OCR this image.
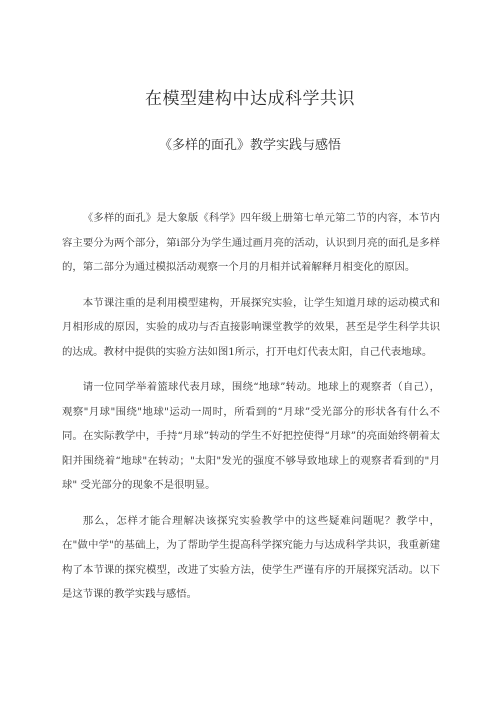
在模型建构中达成科学共识
《多样的面孔》教学实践与感悟

《多样的面孔》是大象版《科学》四年级上册第七单元第二节的内容，本节内容主要分为两个部分，第i部分为学生通过画月亮的活动，认识到月亮的面孔是多样的，第二部分为通过模拟活动观察一个月的月相并试着解释月相变化的原因。

本节课注重的是利用模型建构，开展探究实验，让学生知道月球的运动模式和月相形成的原因，实验的成功与否直接影响课堂教学的效果，甚至是学生科学共识的达成。教材中提供的实验方法如图1所示，打开电灯代表太阳，自己代表地球。

请一位同学举着篮球代表月球，围绕“地球”转动。地球上的观察者（自己），观察"月球"围绕"地球"运动一周时，所看到的“月球”受光部分的形状各有什么不同。在实际教学中，手持“月球”转动的学生不好把控使得“月球”的亮面始终朝着太阳并围绕着“地球"在转动；"太阳"发光的强度不够导致地球上的观察者看到的"月球" 受光部分的现象不是很明显。

那么，怎样才能合理解决该探究实验教学中的这些疑难问题呢？教学中，在"做中学"的基础上，为了帮助学生提高科学探究能力与达成科学共识，我重新建构了本节课的探究模型，改进了实验方法，使学生严谨有序的开展探究活动。以下是这节课的教学实践与感悟。
